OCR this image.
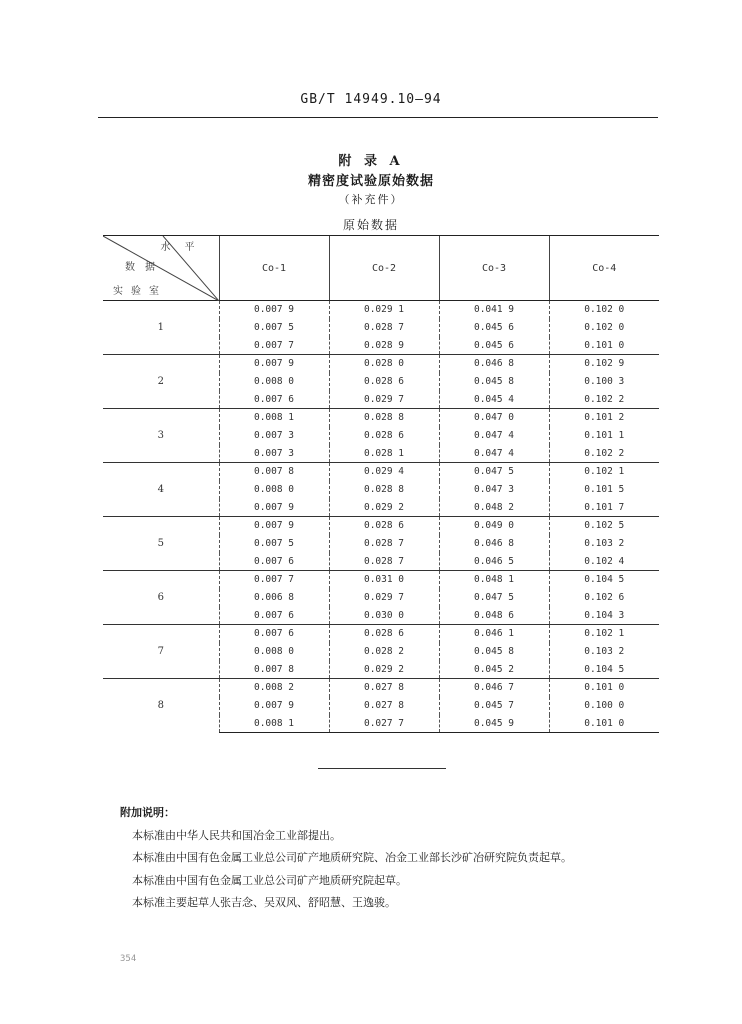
GB/T 14949.10—94
附 录 A
精密度试验原始数据
（补充件）
原始数据
水平
数据
实验室	Co-1	Co-2	Co-3	Co-4
1	0.007 9	0.029 1	0.041 9	0.102 0
	0.007 5	0.028 7	0.045 6	0.102 0
	0.007 7	0.028 9	0.045 6	0.101 0
2	0.007 9	0.028 0	0.046 8	0.102 9
	0.008 0	0.028 6	0.045 8	0.100 3
	0.007 6	0.029 7	0.045 4	0.102 2
3	0.008 1	0.028 8	0.047 0	0.101 2
	0.007 3	0.028 6	0.047 4	0.101 1
	0.007 3	0.028 1	0.047 4	0.102 2
4	0.007 8	0.029 4	0.047 5	0.102 1
	0.008 0	0.028 8	0.047 3	0.101 5
	0.007 9	0.029 2	0.048 2	0.101 7
5	0.007 9	0.028 6	0.049 0	0.102 5
	0.007 5	0.028 7	0.046 8	0.103 2
	0.007 6	0.028 7	0.046 5	0.102 4
6	0.007 7	0.031 0	0.048 1	0.104 5
	0.006 8	0.029 7	0.047 5	0.102 6
	0.007 6	0.030 0	0.048 6	0.104 3
7	0.007 6	0.028 6	0.046 1	0.102 1
	0.008 0	0.028 2	0.045 8	0.103 2
	0.007 8	0.029 2	0.045 2	0.104 5
8	0.008 2	0.027 8	0.046 7	0.101 0
	0.007 9	0.027 8	0.045 7	0.100 0
	0.008 1	0.027 7	0.045 9	0.101 0
附加说明：
本标准由中华人民共和国冶金工业部提出。
本标准由中国有色金属工业总公司矿产地质研究院、冶金工业部长沙矿冶研究院负责起草。
本标准由中国有色金属工业总公司矿产地质研究院起草。
本标准主要起草人张吉念、吴双风、舒昭慧、王逸骏。
354
